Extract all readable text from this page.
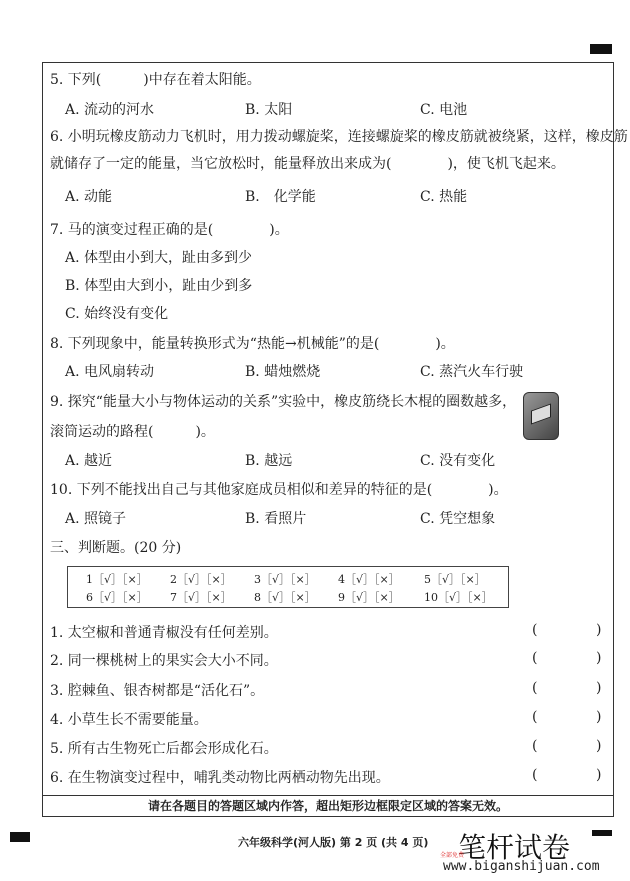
5. 下列(　　　)中存在着太阳能。
A. 流动的河水	B. 太阳	C. 电池
6. 小明玩橡皮筋动力飞机时，用力拨动螺旋桨，连接螺旋桨的橡皮筋就被绕紧，这样，橡皮筋
就储存了一定的能量，当它放松时，能量释放出来成为(　　　　)，使飞机飞起来。
A. 动能	B.　化学能	C. 热能
7. 马的演变过程正确的是(　　　　)。
A. 体型由小到大，趾由多到少
B. 体型由大到小，趾由少到多
C. 始终没有变化
8. 下列现象中，能量转换形式为“热能→机械能”的是(　　　　)。
A. 电风扇转动	B. 蜡烛燃烧	C. 蒸汽火车行驶
9. 探究“能量大小与物体运动的关系”实验中，橡皮筋绕长木棍的圈数越多，
滚筒运动的路程(　　　)。
A. 越近	B. 越远	C. 没有变化
10. 下列不能找出自己与其他家庭成员相似和差异的特征的是(　　　　)。
A. 照镜子	B. 看照片	C. 凭空想象
三、判断题。(20 分)
1［√］［×］ 2［√］［×］ 3［√］［×］ 4［√］［×］ 5［√］［×］
6［√］［×］ 7［√］［×］ 8［√］［×］ 9［√］［×］ 10［√］［×］
1. 太空椒和普通青椒没有任何差别。	(	)
2. 同一棵桃树上的果实会大小不同。	(	)
3. 腔棘鱼、银杏树都是“活化石”。	(	)
4. 小草生长不需要能量。	(	)
5. 所有古生物死亡后都会形成化石。	(	)
6. 在生物演变过程中，哺乳类动物比两栖动物先出现。	(	)
请在各题目的答题区域内作答，超出矩形边框限定区域的答案无效。
六年级科学(河人版) 第 2 页 (共 4 页) 笔杆试卷
全部免费
www.biganshijuan.com
